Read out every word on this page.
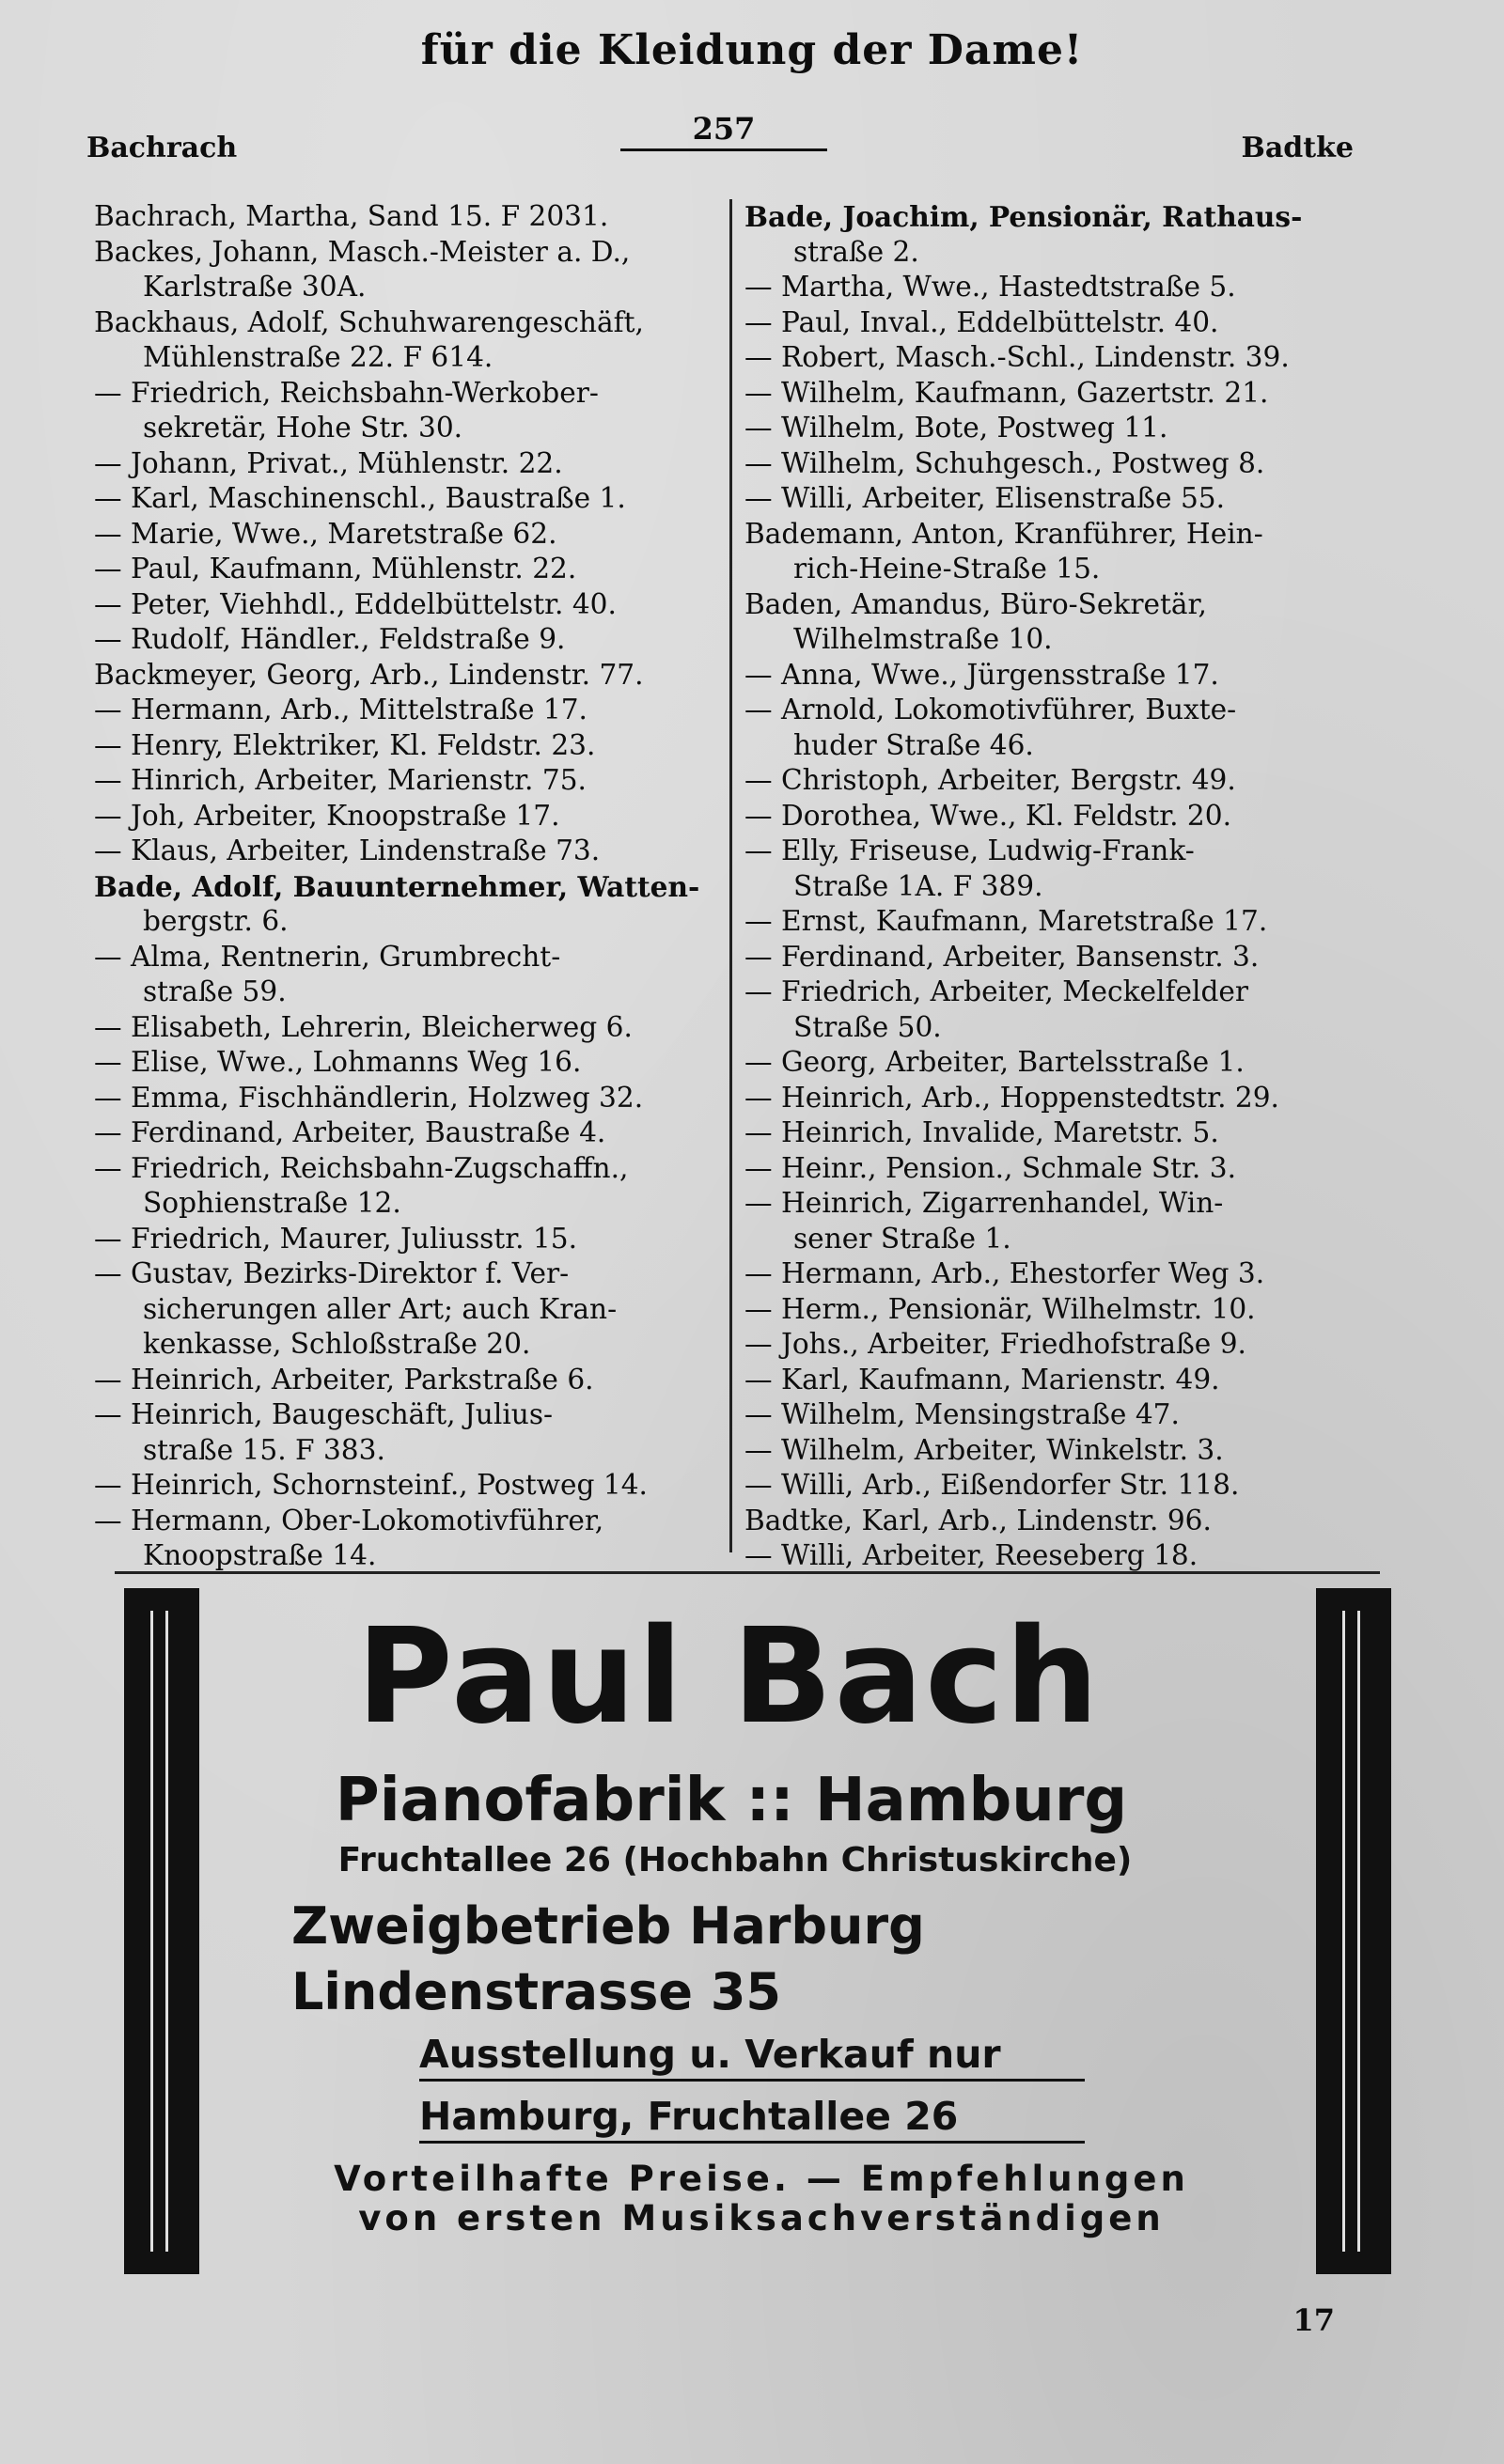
für die Kleidung der Dame!
Bachrach
257
Badtke
Bachrach, Martha, Sand 15. F 2031.
Backes, Johann, Masch.-Meister a. D.,
Karlstraße 30A.
Backhaus, Adolf, Schuhwarengeschäft,
Mühlenstraße 22. F 614.
— Friedrich, Reichsbahn-Werkober-
sekretär, Hohe Str. 30.
— Johann, Privat., Mühlenstr. 22.
— Karl, Maschinenschl., Baustraße 1.
— Marie, Wwe., Maretstraße 62.
— Paul, Kaufmann, Mühlenstr. 22.
— Peter, Viehhdl., Eddelbüttelstr. 40.
— Rudolf, Händler., Feldstraße 9.
Backmeyer, Georg, Arb., Lindenstr. 77.
— Hermann, Arb., Mittelstraße 17.
— Henry, Elektriker, Kl. Feldstr. 23.
— Hinrich, Arbeiter, Marienstr. 75.
— Joh, Arbeiter, Knoopstraße 17.
— Klaus, Arbeiter, Lindenstraße 73.
Bade, Adolf, Bauunternehmer, Watten-
bergstr. 6.
— Alma, Rentnerin, Grumbrecht-
straße 59.
— Elisabeth, Lehrerin, Bleicherweg 6.
— Elise, Wwe., Lohmanns Weg 16.
— Emma, Fischhändlerin, Holzweg 32.
— Ferdinand, Arbeiter, Baustraße 4.
— Friedrich, Reichsbahn-Zugschaffn.,
Sophienstraße 12.
— Friedrich, Maurer, Juliusstr. 15.
— Gustav, Bezirks-Direktor f. Ver-
sicherungen aller Art; auch Kran-
kenkasse, Schloßstraße 20.
— Heinrich, Arbeiter, Parkstraße 6.
— Heinrich, Baugeschäft, Julius-
straße 15. F 383.
— Heinrich, Schornsteinf., Postweg 14.
— Hermann, Ober-Lokomotivführer,
Knoopstraße 14.
Bade, Joachim, Pensionär, Rathaus-
straße 2.
— Martha, Wwe., Hastedtstraße 5.
— Paul, Inval., Eddelbüttelstr. 40.
— Robert, Masch.-Schl., Lindenstr. 39.
— Wilhelm, Kaufmann, Gazertstr. 21.
— Wilhelm, Bote, Postweg 11.
— Wilhelm, Schuhgesch., Postweg 8.
— Willi, Arbeiter, Elisenstraße 55.
Bademann, Anton, Kranführer, Hein-
rich-Heine-Straße 15.
Baden, Amandus, Büro-Sekretär,
Wilhelmstraße 10.
— Anna, Wwe., Jürgensstraße 17.
— Arnold, Lokomotivführer, Buxte-
huder Straße 46.
— Christoph, Arbeiter, Bergstr. 49.
— Dorothea, Wwe., Kl. Feldstr. 20.
— Elly, Friseuse, Ludwig-Frank-
Straße 1A. F 389.
— Ernst, Kaufmann, Maretstraße 17.
— Ferdinand, Arbeiter, Bansenstr. 3.
— Friedrich, Arbeiter, Meckelfelder
Straße 50.
— Georg, Arbeiter, Bartelsstraße 1.
— Heinrich, Arb., Hoppenstedtstr. 29.
— Heinrich, Invalide, Maretstr. 5.
— Heinr., Pension., Schmale Str. 3.
— Heinrich, Zigarrenhandel, Win-
sener Straße 1.
— Hermann, Arb., Ehestorfer Weg 3.
— Herm., Pensionär, Wilhelmstr. 10.
— Johs., Arbeiter, Friedhofstraße 9.
— Karl, Kaufmann, Marienstr. 49.
— Wilhelm, Mensingstraße 47.
— Wilhelm, Arbeiter, Winkelstr. 3.
— Willi, Arb., Eißendorfer Str. 118.
Badtke, Karl, Arb., Lindenstr. 96.
— Willi, Arbeiter, Reeseberg 18.
Paul Bach
Pianofabrik :: Hamburg
Fruchtallee 26 (Hochbahn Christuskirche)
Zweigbetrieb Harburg
Lindenstrasse 35
Ausstellung u. Verkauf nur
Hamburg, Fruchtallee 26
Vorteilhafte Preise. — Empfehlungen
von ersten Musiksachverständigen
17
